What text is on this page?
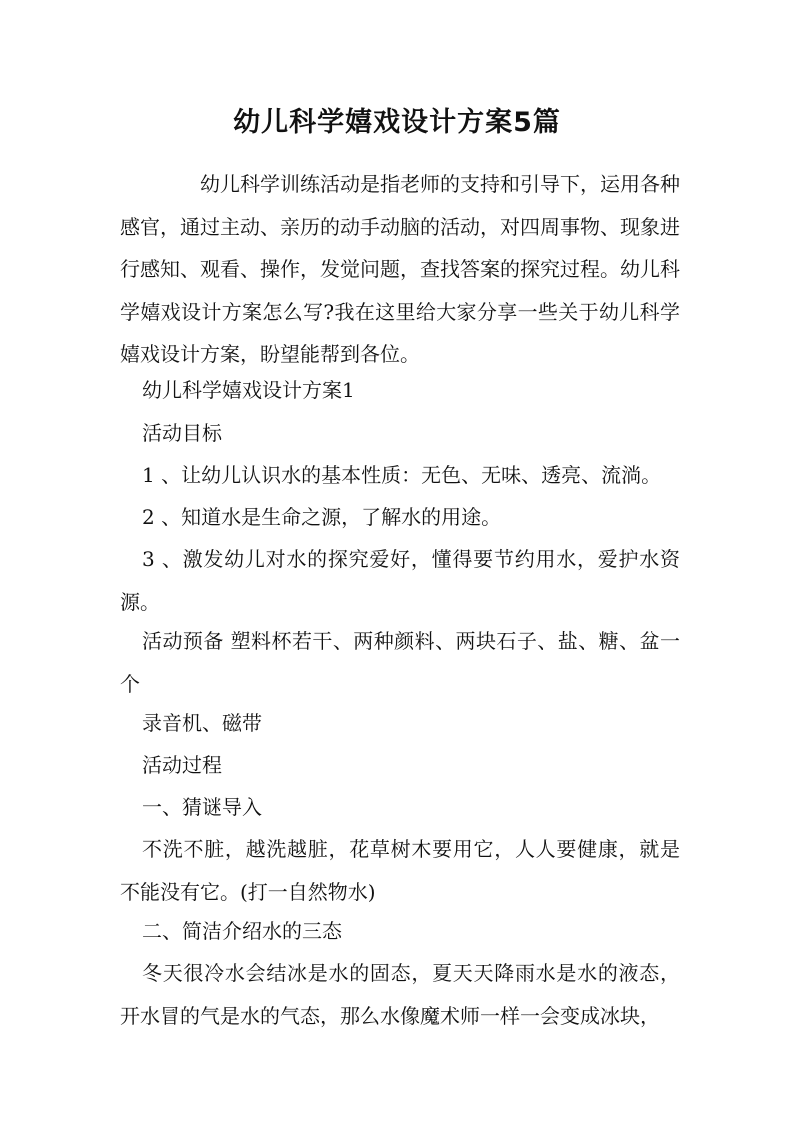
幼儿科学嬉戏设计方案5篇

幼儿科学训练活动是指老师的支持和引导下，运用各种感官，通过主动、亲历的动手动脑的活动，对四周事物、现象进行感知、观看、操作，发觉问题，查找答案的探究过程。幼儿科学嬉戏设计方案怎么写?我在这里给大家分享一些关于幼儿科学嬉戏设计方案，盼望能帮到各位。

幼儿科学嬉戏设计方案1

活动目标

1 、让幼儿认识水的基本性质：无色、无味、透亮、流淌。

2 、知道水是生命之源，了解水的用途。

3 、激发幼儿对水的探究爱好，懂得要节约用水，爱护水资源。

活动预备 塑料杯若干、两种颜料、两块石子、盐、糖、盆一个

录音机、磁带

活动过程

一、猜谜导入

不洗不脏，越洗越脏，花草树木要用它，人人要健康，就是不能没有它。(打一自然物水)

二、简洁介绍水的三态

冬天很冷水会结冰是水的固态，夏天天降雨水是水的液态，开水冒的气是水的气态，那么水像魔术师一样一会变成冰块，
